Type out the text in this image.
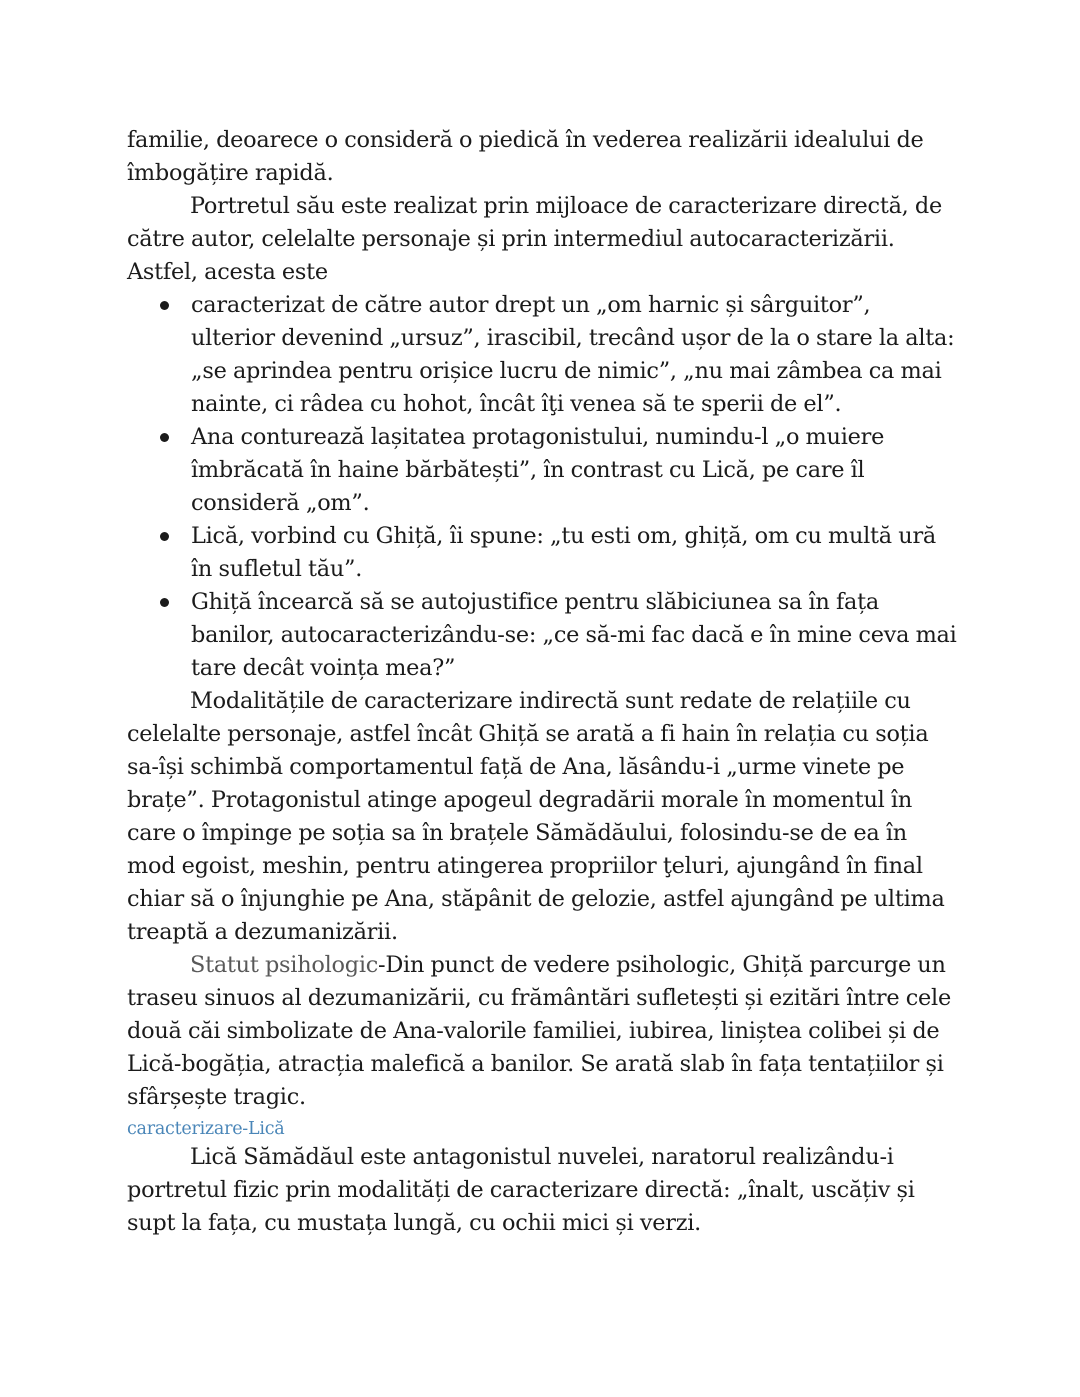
familie, deoarece o consideră o piedică în vederea realizării idealului de îmbogățire rapidă.

Portretul său este realizat prin mijloace de caracterizare directă, de către autor, celelalte personaje și prin intermediul autocaracterizării. Astfel, acesta este

caracterizat de către autor drept un „om harnic și sârguitor”, ulterior devenind „ursuz”, irascibil, trecând ușor de la o stare la alta: „se aprindea pentru orișice lucru de nimic”, „nu mai zâmbea ca mai nainte, ci râdea cu hohot, încât îţi venea să te sperii de el”.
Ana conturează lașitatea protagonistului, numindu-l „o muiere îmbrăcată în haine bărbătești”, în contrast cu Lică, pe care îl consideră „om”.
Lică, vorbind cu Ghiță, îi spune: „tu esti om, ghiță, om cu multă ură în sufletul tău”.
Ghiță încearcă să se autojustifice pentru slăbiciunea sa în fața banilor, autocaracterizându-se: „ce să-mi fac dacă e în mine ceva mai tare decât voința mea?”

Modalitățile de caracterizare indirectă sunt redate de relațiile cu celelalte personaje, astfel încât Ghiță se arată a fi hain în relația cu soția sa-își schimbă comportamentul față de Ana, lăsându-i „urme vinete pe brațe”. Protagonistul atinge apogeul degradării morale în momentul în care o împinge pe soția sa în brațele Sămădăului, folosindu-se de ea în mod egoist, meshin, pentru atingerea propriilor ţeluri, ajungând în final chiar să o înjunghie pe Ana, stăpânit de gelozie, astfel ajungând pe ultima treaptă a dezumanizării.

Statut psihologic-Din punct de vedere psihologic, Ghiță parcurge un traseu sinuos al dezumanizării, cu frământări sufletești și ezitări între cele două căi simbolizate de Ana-valorile familiei, iubirea, liniștea colibei și de Lică-bogăția, atracția malefică a banilor. Se arată slab în fața tentațiilor și sfârșește tragic.

caracterizare-Lică

Lică Sămădăul este antagonistul nuvelei, naratorul realizându-i portretul fizic prin modalități de caracterizare directă: „înalt, uscățiv și supt la fața, cu mustața lungă, cu ochii mici și verzi.
